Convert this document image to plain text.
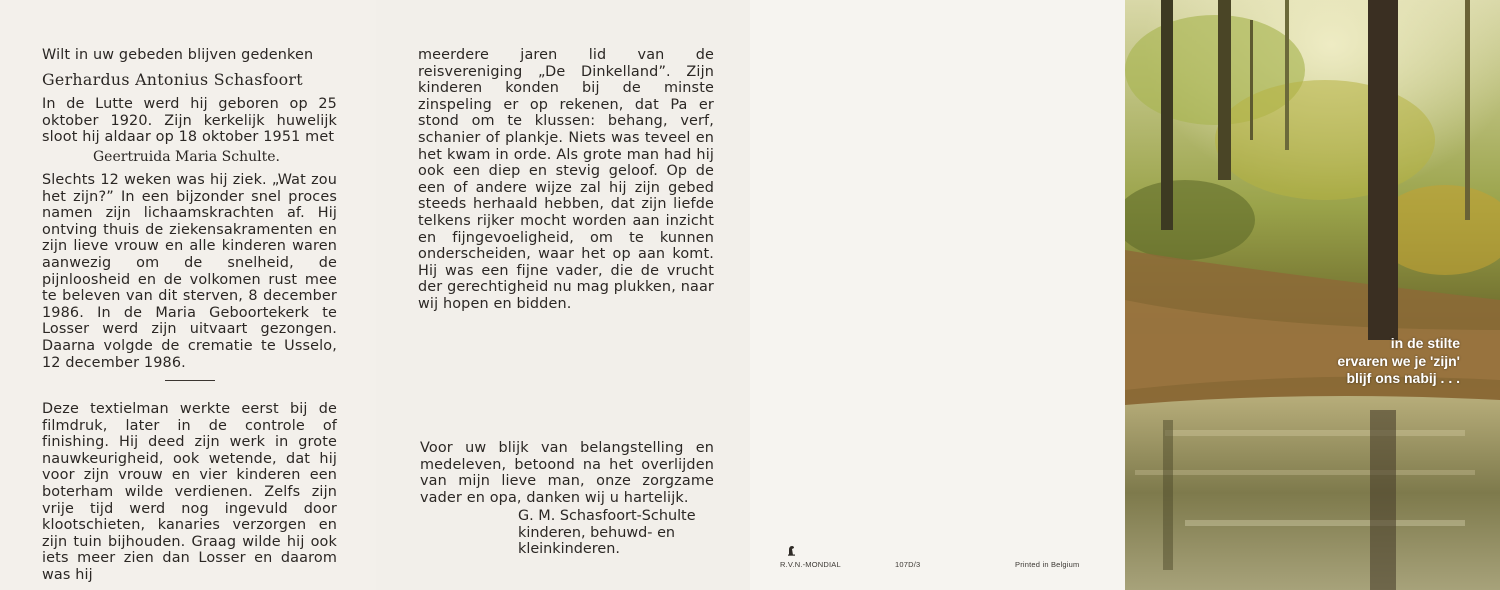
Wilt in uw gebeden blijven gedenken
Gerhardus Antonius Schasfoort
In de Lutte werd hij geboren op 25 oktober 1920. Zijn kerkelijk huwelijk sloot hij aldaar op 18 oktober 1951 met
Geertruida Maria Schulte.
Slechts 12 weken was hij ziek. „Wat zou het zijn?” In een bijzonder snel proces namen zijn lichaamskrachten af. Hij ontving thuis de ziekensakramenten en zijn lieve vrouw en alle kinderen waren aanwezig om de snelheid, de pijnloosheid en de volkomen rust mee te beleven van dit sterven, 8 december 1986. In de Maria Geboortekerk te Losser werd zijn uitvaart gezongen. Daarna volgde de crematie te Usselo, 12 december 1986.
Deze textielman werkte eerst bij de filmdruk, later in de controle of finishing. Hij deed zijn werk in grote nauwkeurigheid, ook wetende, dat hij voor zijn vrouw en vier kinderen een boterham wilde verdienen. Zelfs zijn vrije tijd werd nog ingevuld door klootschieten, kanaries verzorgen en zijn tuin bijhouden. Graag wilde hij ook iets meer zien dan Losser en daarom was hij
meerdere jaren lid van de reisvereniging „De Dinkelland”. Zijn kinderen konden bij de minste zinspeling er op rekenen, dat Pa er stond om te klussen: behang, verf, schanier of plankje. Niets was teveel en het kwam in orde. Als grote man had hij ook een diep en stevig geloof. Op de een of andere wijze zal hij zijn gebed steeds herhaald hebben, dat zijn liefde telkens rijker mocht worden aan inzicht en fijngevoeligheid, om te kunnen onderscheiden, waar het op aan komt. Hij was een fijne vader, die de vrucht der gerechtigheid nu mag plukken, naar wij hopen en bidden.
Voor uw blijk van belangstelling en medeleven, betoond na het overlijden van mijn lieve man, onze zorgzame vader en opa, danken wij u hartelijk.
G. M. Schasfoort-Schulte
kinderen, behuwd- en
kleinkinderen.
R.V.N.-MONDIAL	107D/3	Printed in Belgium
in de stilte
ervaren we je 'zijn'
blijf ons nabij . . .
